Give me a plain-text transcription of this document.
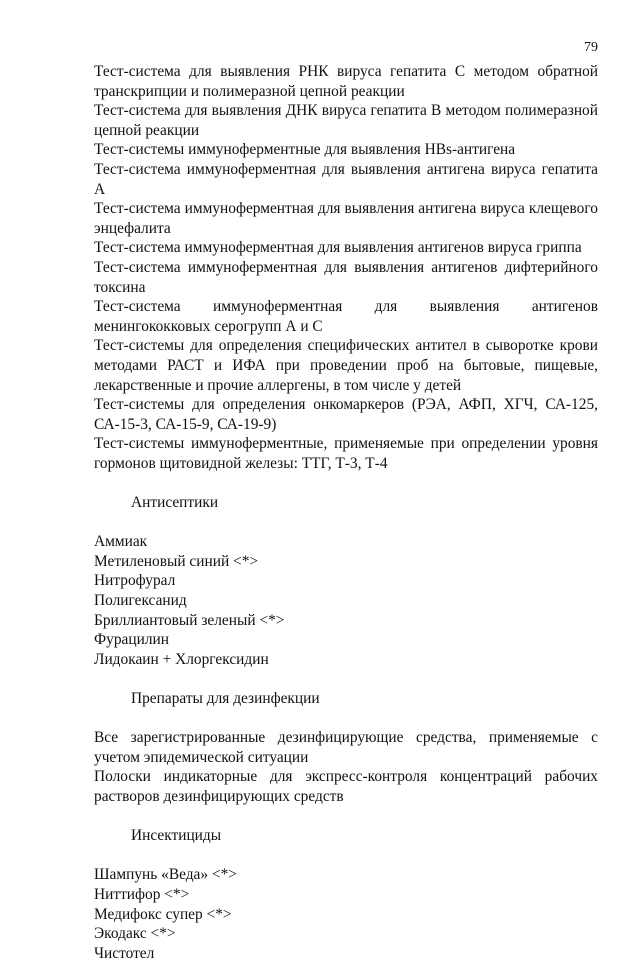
79

Тест-система для выявления РНК вируса гепатита С методом обратной транскрипции и полимеразной цепной реакции

Тест-система для выявления ДНК вируса гепатита В методом полимеразной цепной реакции

Тест-системы иммуноферментные для выявления HBs-антигена

Тест-система иммуноферментная для выявления антигена вируса гепатита А

Тест-система иммуноферментная для выявления антигена вируса клещевого энцефалита

Тест-система иммуноферментная для выявления антигенов вируса гриппа

Тест-система иммуноферментная для выявления антигенов дифтерийного токсина

Тест-система иммуноферментная для выявления антигенов менингококковых серогрупп А и С

Тест-системы для определения специфических антител в сыворотке крови методами РАСТ и ИФА при проведении проб на бытовые, пищевые, лекарственные и прочие аллергены, в том числе у детей

Тест-системы для определения онкомаркеров (РЭА, АФП, ХГЧ, СА-125, СА-15-3, СА-15-9, СА-19-9)

Тест-системы иммуноферментные, применяемые при определении уровня гормонов щитовидной железы: ТТГ, Т-3, Т-4

Антисептики

Аммиак

Метиленовый синий <*>

Нитрофурал

Полигексанид

Бриллиантовый зеленый <*>

Фурацилин

Лидокаин + Хлоргексидин

Препараты для дезинфекции

Все зарегистрированные дезинфицирующие средства, применяемые с учетом эпидемической ситуации

Полоски индикаторные для экспресс-контроля концентраций рабочих растворов дезинфицирующих средств

Инсектициды

Шампунь «Веда» <*>

Ниттифор <*>

Медифокс супер <*>

Экодакс <*>

Чистотел
